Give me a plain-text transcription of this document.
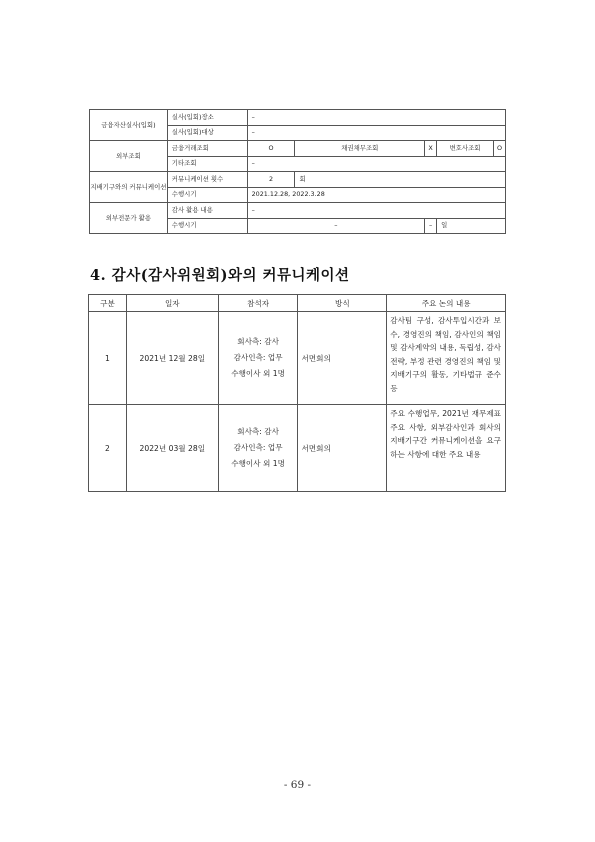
금융자산실사(입회)	실사(입회)장소	–				
	실사(입회)대상	–				
외부조회	금융거래조회	O	채권채무조회	X	변호사조회	O
	기타조회	–				
지배기구와의 커뮤니케이션	커뮤니케이션 횟수	2	회			
	수행시기	2021.12.28, 2022.3.28				
외부전문가 활용	감사 활용 내용	–				
	수행시기	–		–	일	
4. 감사(감사위원회)와의 커뮤니케이션
구분	일자	참석자	방식	주요 논의 내용
1	2021년 12월 28일	회사측: 감사
감사인측: 업무
수행이사 외 1명	서면회의	감사팀 구성, 감사투입시간과 보수, 경영진의 책임, 감사인의 책임 및 감사계약의 내용, 독립성, 감사전략, 부정 관련 경영진의 책임 및 지배기구의 활동, 기타법규 준수 등
2	2022년 03월 28일	회사측: 감사
감사인측: 업무
수행이사 외 1명	서면회의	주요 수행업무, 2021년 재무제표 주요 사항, 외부감사인과 회사의 지배기구간 커뮤니케이션을 요구하는 사항에 대한 주요 내용
- 69 -
